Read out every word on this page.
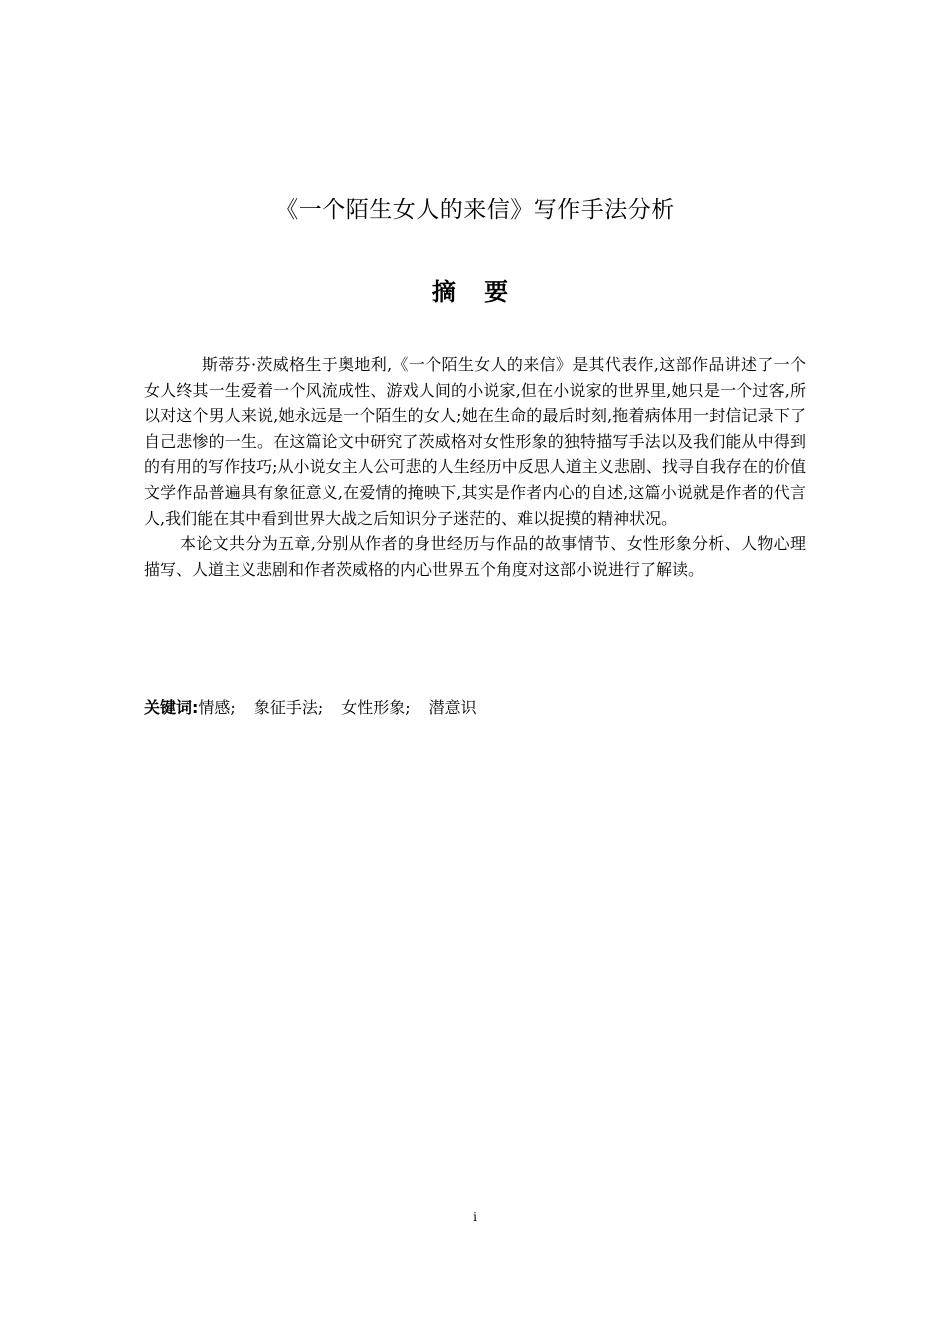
《一个陌生女人的来信》写作手法分析
摘 要

斯蒂芬·茨威格生于奥地利,《一个陌生女人的来信》是其代表作,这部作品讲述了一个女人终其一生爱着一个风流成性、游戏人间的小说家,但在小说家的世界里,她只是一个过客,所以对这个男人来说,她永远是一个陌生的女人;她在生命的最后时刻,拖着病体用一封信记录下了自己悲惨的一生。在这篇论文中研究了茨威格对女性形象的独特描写手法以及我们能从中得到的有用的写作技巧;从小说女主人公可悲的人生经历中反思人道主义悲剧、找寻自我存在的价值文学作品普遍具有象征意义,在爱情的掩映下,其实是作者内心的自述,这篇小说就是作者的代言人,我们能在其中看到世界大战之后知识分子迷茫的、难以捉摸的精神状况。

本论文共分为五章,分别从作者的身世经历与作品的故事情节、女性形象分析、人物心理描写、人道主义悲剧和作者茨威格的内心世界五个角度对这部小说进行了解读。

关键词:情感; 象征手法; 女性形象; 潜意识
i
